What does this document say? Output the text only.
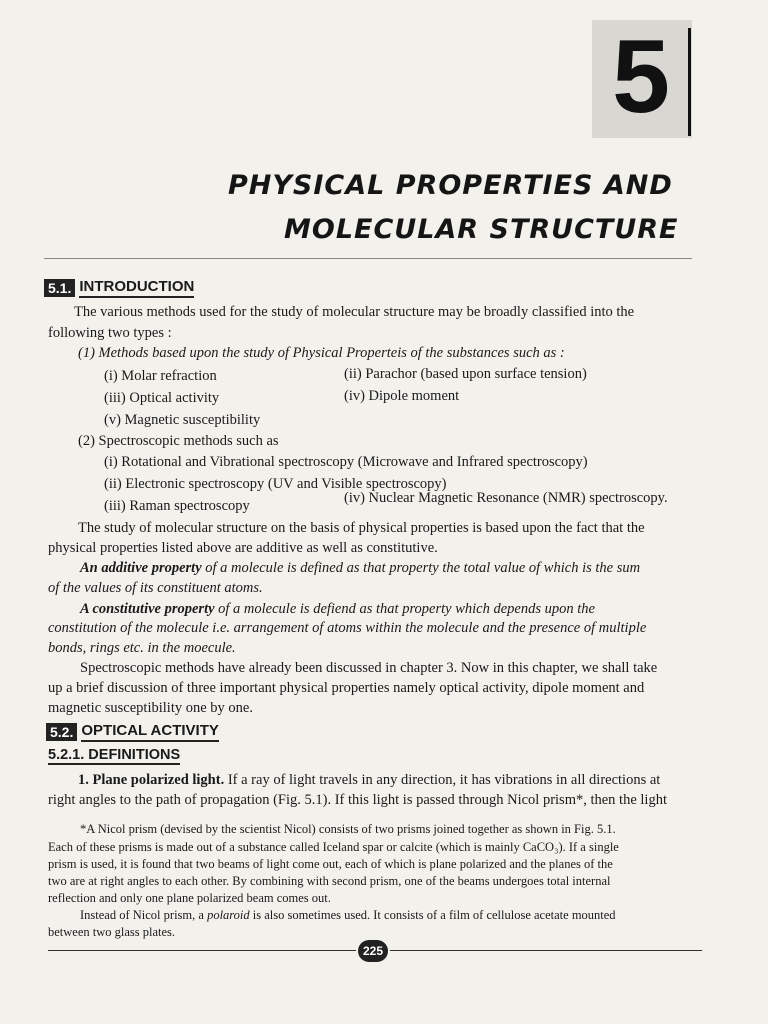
5
PHYSICAL PROPERTIES AND
MOLECULAR STRUCTURE
5.1. INTRODUCTION
The various methods used for the study of molecular structure may be broadly classified into the
following two types :
(1) Methods based upon the study of Physical Properteis of the substances such as :
(i) Molar refraction	(ii) Parachor (based upon surface tension)
(iii) Optical activity	(iv) Dipole moment
(v) Magnetic susceptibility
(2) Spectroscopic methods such as
(i) Rotational and Vibrational spectroscopy (Microwave and Infrared spectroscopy)
(ii) Electronic spectroscopy (UV and Visible spectroscopy)
(iii) Raman spectroscopy	(iv) Nuclear Magnetic Resonance (NMR) spectroscopy.
The study of molecular structure on the basis of physical properties is based upon the fact that the
physical properties listed above are additive as well as constitutive.
An additive property of a molecule is defined as that property the total value of which is the sum
of the values of its constituent atoms.
A constitutive property of a molecule is defiend as that property which depends upon the
constitution of the molecule i.e. arrangement of atoms within the molecule and the presence of multiple
bonds, rings etc. in the moecule.
Spectroscopic methods have already been discussed in chapter 3. Now in this chapter, we shall take
up a brief discussion of three important physical properties namely optical activity, dipole moment and
magnetic susceptibility one by one.
5.2. OPTICAL ACTIVITY
5.2.1. DEFINITIONS
1. Plane polarized light. If a ray of light travels in any direction, it has vibrations in all directions at
right angles to the path of propagation (Fig. 5.1). If this light is passed through Nicol prism*, then the light
*A Nicol prism (devised by the scientist Nicol) consists of two prisms joined together as shown in Fig. 5.1.
Each of these prisms is made out of a substance called Iceland spar or calcite (which is mainly CaCO₃). If a single
prism is used, it is found that two beams of light come out, each of which is plane polarized and the planes of the
two are at right angles to each other. By combining with second prism, one of the beams undergoes total internal
reflection and only one plane polarized beam comes out.
Instead of Nicol prism, a polaroid is also sometimes used. It consists of a film of cellulose acetate mounted
between two glass plates.
225
